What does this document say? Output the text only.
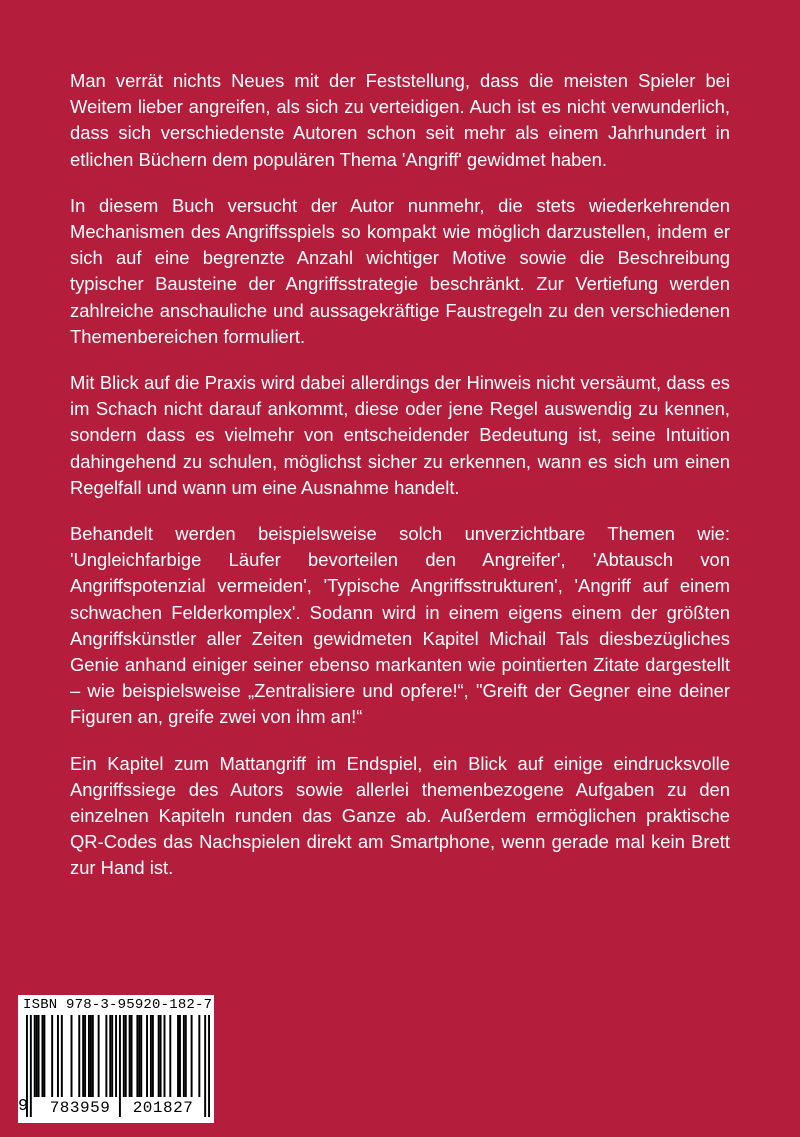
Man verrät nichts Neues mit der Feststellung, dass die meisten Spieler bei Weitem lieber angreifen, als sich zu verteidigen. Auch ist es nicht verwunderlich, dass sich verschiedenste Autoren schon seit mehr als einem Jahrhundert in etlichen Büchern dem populären Thema 'Angriff' gewidmet haben.

In diesem Buch versucht der Autor nunmehr, die stets wiederkehrenden Mechanismen des Angriffsspiels so kompakt wie möglich darzustellen, indem er sich auf eine begrenzte Anzahl wichtiger Motive sowie die Beschreibung typischer Bausteine der Angriffsstrategie beschränkt. Zur Vertiefung werden zahlreiche anschauliche und aussagekräftige Faustregeln zu den verschiedenen Themenbereichen formuliert.

Mit Blick auf die Praxis wird dabei allerdings der Hinweis nicht versäumt, dass es im Schach nicht darauf ankommt, diese oder jene Regel auswendig zu kennen, sondern dass es vielmehr von entscheidender Bedeutung ist, seine Intuition dahingehend zu schulen, möglichst sicher zu erkennen, wann es sich um einen Regelfall und wann um eine Ausnahme handelt.

Behandelt werden beispielsweise solch unverzichtbare Themen wie: 'Ungleichfarbige Läufer bevorteilen den Angreifer', 'Abtausch von Angriffspotenzial vermeiden', 'Typische Angriffsstrukturen', 'Angriff auf einem schwachen Felderkomplex'. Sodann wird in einem eigens einem der größten Angriffskünstler aller Zeiten gewidmeten Kapitel Michail Tals diesbezügliches Genie anhand einiger seiner ebenso markanten wie pointierten Zitate dargestellt – wie beispielsweise „Zentralisiere und opfere!“, "Greift der Gegner eine deiner Figuren an, greife zwei von ihm an!“

Ein Kapitel zum Mattangriff im Endspiel, ein Blick auf einige eindrucksvolle Angriffssiege des Autors sowie allerlei themenbezogene Aufgaben zu den einzelnen Kapiteln runden das Ganze ab. Außerdem ermöglichen praktische QR-Codes das Nachspielen direkt am Smartphone, wenn gerade mal kein Brett zur Hand ist.

ISBN 978-3-95920-182-7
9	783959	201827
